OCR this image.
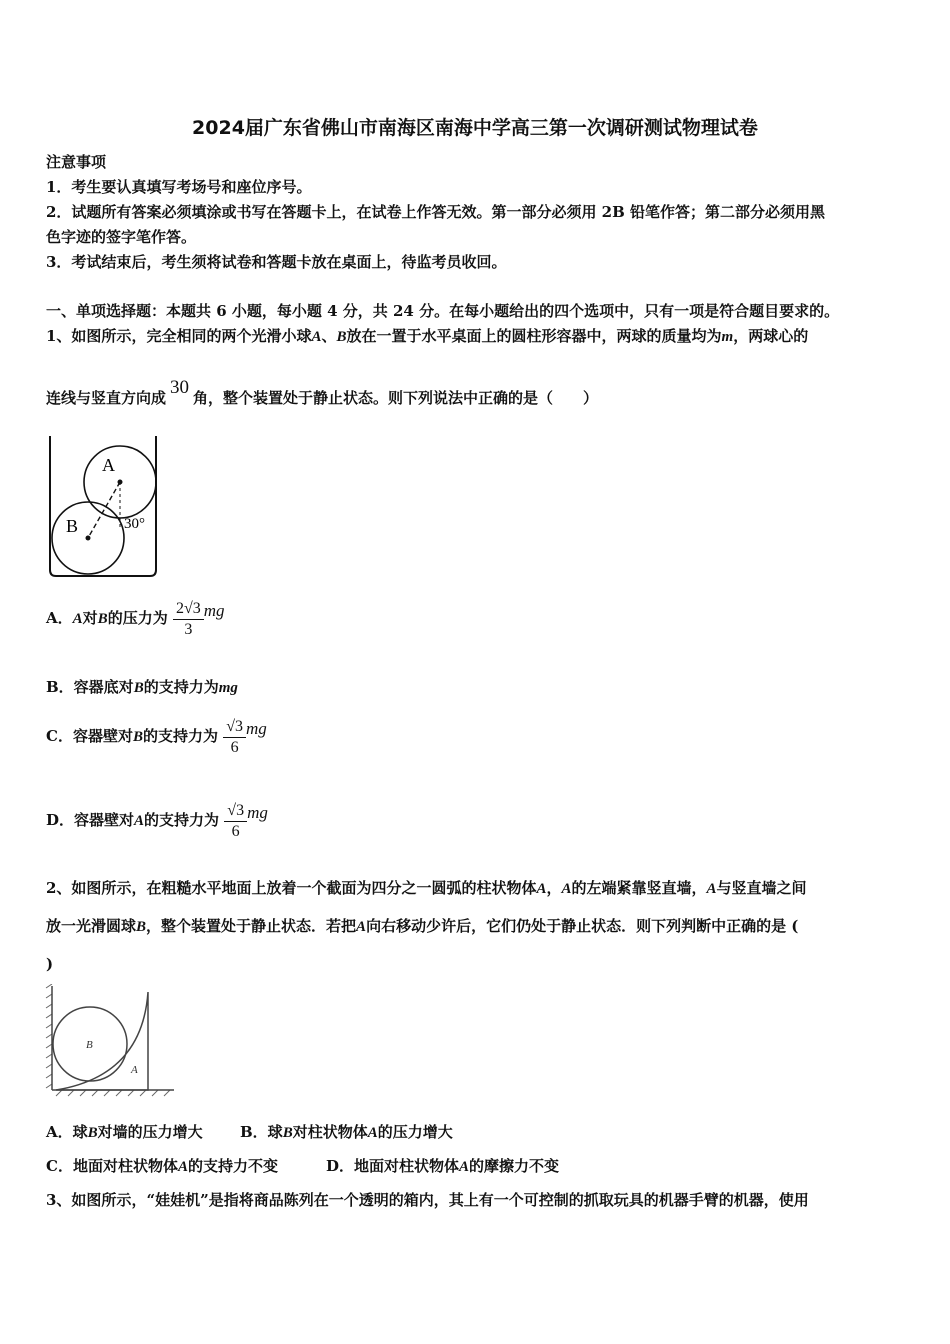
2024届广东省佛山市南海区南海中学高三第一次调研测试物理试卷
注意事项
1．考生要认真填写考场号和座位序号。
2．试题所有答案必须填涂或书写在答题卡上，在试卷上作答无效。第一部分必须用 2B 铅笔作答；第二部分必须用黑
色字迹的签字笔作答。
3．考试结束后，考生须将试卷和答题卡放在桌面上，待监考员收回。
一、单项选择题：本题共 6 小题，每小题 4 分，共 24 分。在每小题给出的四个选项中，只有一项是符合题目要求的。
1、如图所示，完全相同的两个光滑小球A、B放在一置于水平桌面上的圆柱形容器中，两球的质量均为m，两球心的
连线与竖直方向成 30 角，整个装置处于静止状态。则下列说法中正确的是（　　）
A
B	30°
A．A对B的压力为 $\frac{2√3}{3}$ mg
B．容器底对B的支持力为mg
C．容器壁对B的支持力为 $\frac{√3}{6}$ mg
D．容器壁对A的支持力为 $\frac{√3}{6}$ mg
2、如图所示，在粗糙水平地面上放着一个截面为四分之一圆弧的柱状物体A，A的左端紧靠竖直墙，A与竖直墙之间
放一光滑圆球B，整个装置处于静止状态．若把A向右移动少许后，它们仍处于静止状态．则下列判断中正确的是 (
)
B
A
A．球B对墙的压力增大 B．球B对柱状物体A的压力增大
C．地面对柱状物体A的支持力不变	D．地面对柱状物体A的摩擦力不变
3、如图所示，“娃娃机”是指将商品陈列在一个透明的箱内，其上有一个可控制的抓取玩具的机器手臂的机器，使用
